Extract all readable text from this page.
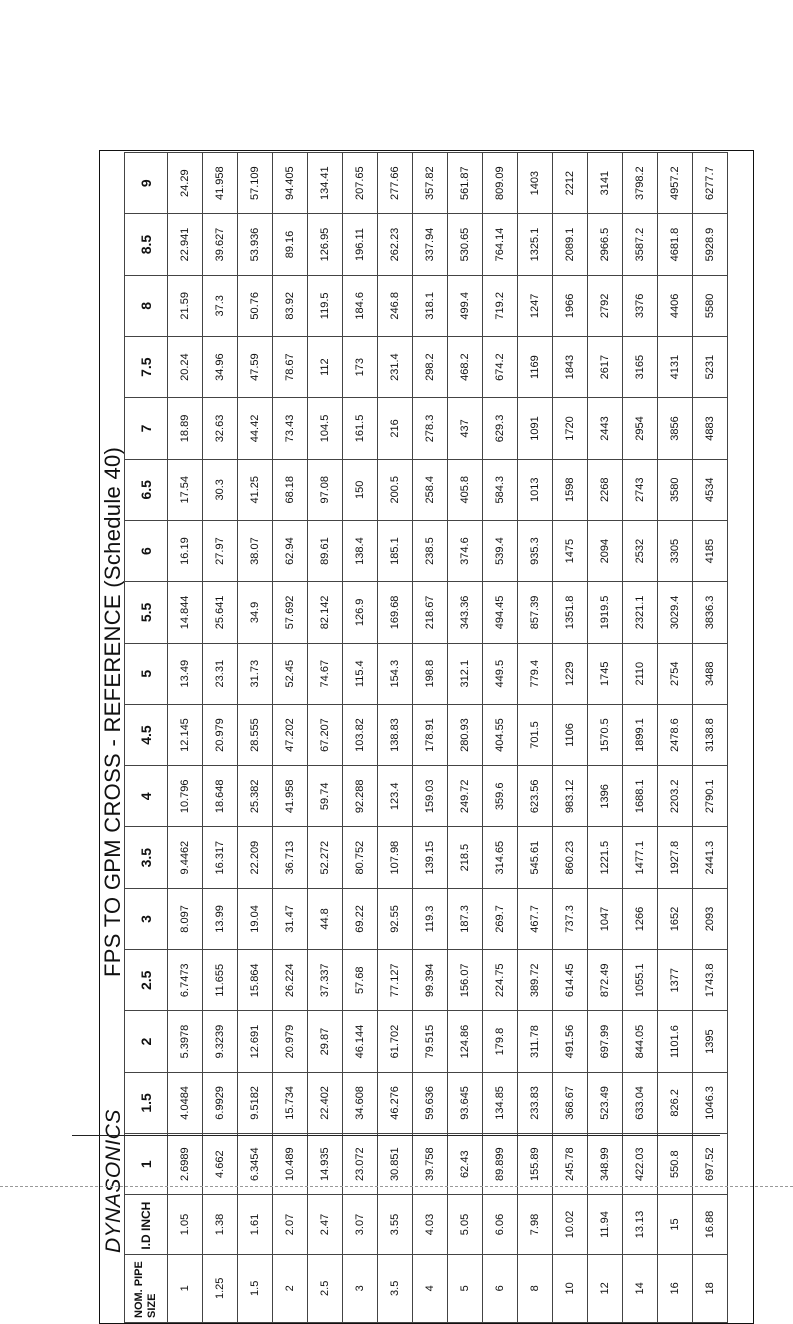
DYNASONICS
FPS TO GPM CROSS - REFERENCE (Schedule 40)
NOM. PIPE SIZE	I.D INCH	1	1.5	2	2.5	3	3.5	4	4.5	5	5.5	6	6.5	7	7.5	8	8.5	9
1	1.05	2.6989	4.0484	5.3978	6.7473	8.097	9.4462	10.796	12.145	13.49	14.844	16.19	17.54	18.89	20.24	21.59	22.941	24.29
1.25	1.38	4.662	6.9929	9.3239	11.655	13.99	16.317	18.648	20.979	23.31	25.641	27.97	30.3	32.63	34.96	37.3	39.627	41.958
1.5	1.61	6.3454	9.5182	12.691	15.864	19.04	22.209	25.382	28.555	31.73	34.9	38.07	41.25	44.42	47.59	50.76	53.936	57.109
2	2.07	10.489	15.734	20.979	26.224	31.47	36.713	41.958	47.202	52.45	57.692	62.94	68.18	73.43	78.67	83.92	89.16	94.405
2.5	2.47	14.935	22.402	29.87	37.337	44.8	52.272	59.74	67.207	74.67	82.142	89.61	97.08	104.5	112	119.5	126.95	134.41
3	3.07	23.072	34.608	46.144	57.68	69.22	80.752	92.288	103.82	115.4	126.9	138.4	150	161.5	173	184.6	196.11	207.65
3.5	3.55	30.851	46.276	61.702	77.127	92.55	107.98	123.4	138.83	154.3	169.68	185.1	200.5	216	231.4	246.8	262.23	277.66
4	4.03	39.758	59.636	79.515	99.394	119.3	139.15	159.03	178.91	198.8	218.67	238.5	258.4	278.3	298.2	318.1	337.94	357.82
5	5.05	62.43	93.645	124.86	156.07	187.3	218.5	249.72	280.93	312.1	343.36	374.6	405.8	437	468.2	499.4	530.65	561.87
6	6.06	89.899	134.85	179.8	224.75	269.7	314.65	359.6	404.55	449.5	494.45	539.4	584.3	629.3	674.2	719.2	764.14	809.09
8	7.98	155.89	233.83	311.78	389.72	467.7	545.61	623.56	701.5	779.4	857.39	935.3	1013	1091	1169	1247	1325.1	1403
10	10.02	245.78	368.67	491.56	614.45	737.3	860.23	983.12	1106	1229	1351.8	1475	1598	1720	1843	1966	2089.1	2212
12	11.94	348.99	523.49	697.99	872.49	1047	1221.5	1396	1570.5	1745	1919.5	2094	2268	2443	2617	2792	2966.5	3141
14	13.13	422.03	633.04	844.05	1055.1	1266	1477.1	1688.1	1899.1	2110	2321.1	2532	2743	2954	3165	3376	3587.2	3798.2
16	15	550.8	826.2	1101.6	1377	1652	1927.8	2203.2	2478.6	2754	3029.4	3305	3580	3856	4131	4406	4681.8	4957.2
18	16.88	697.52	1046.3	1395	1743.8	2093	2441.3	2790.1	3138.8	3488	3836.3	4185	4534	4883	5231	5580	5928.9	6277.7
